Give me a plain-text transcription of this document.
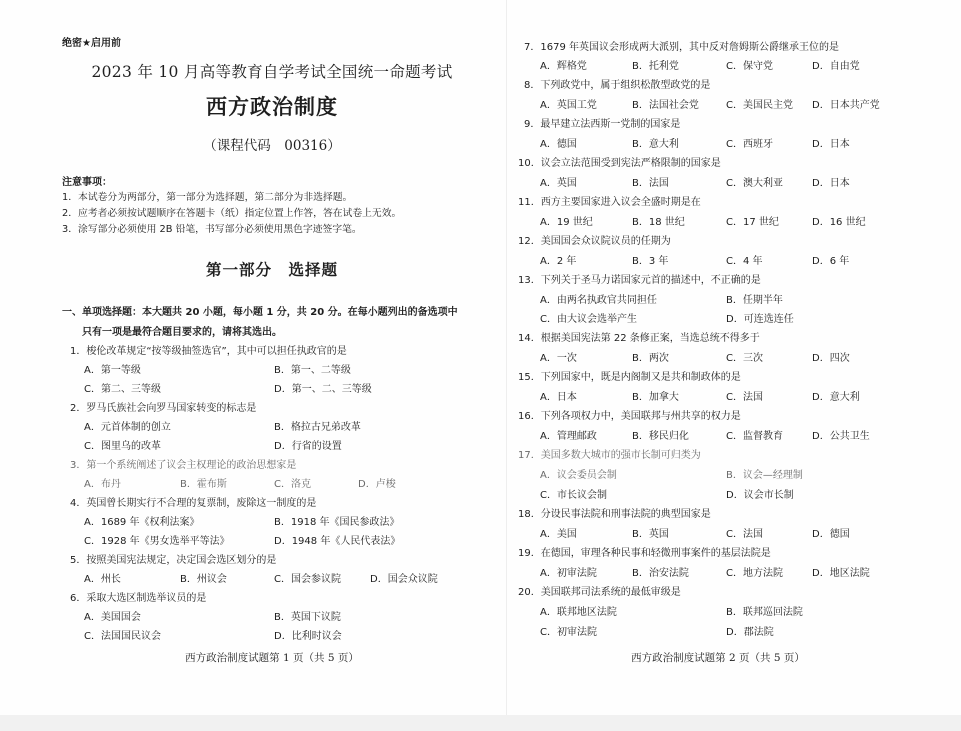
绝密★启用前
2023 年 10 月高等教育自学考试全国统一命题考试
西方政治制度
（课程代码　00316）
注意事项：
1．本试卷分为两部分，第一部分为选择题，第二部分为非选择题。
2．应考者必须按试题顺序在答题卡（纸）指定位置上作答，答在试卷上无效。
3．涂写部分必须使用 2B 铅笔，书写部分必须使用黑色字迹签字笔。
第一部分　选择题
一、单项选择题：本大题共 20 小题，每小题 1 分，共 20 分。在每小题列出的备选项中
只有一项是最符合题目要求的，请将其选出。
1．梭伦改革规定“按等级抽签选官”，其中可以担任执政官的是
A．第一等级	B．第一、二等级
C．第二、三等级	D．第一、二、三等级
2．罗马氏族社会向罗马国家转变的标志是
A．元首体制的创立	B．格拉古兄弟改革
C．图里乌的改革	D．行省的设置
3．第一个系统阐述了议会主权理论的政治思想家是
A．布丹	B．霍布斯	C．洛克	D．卢梭
4．英国曾长期实行不合理的复票制，废除这一制度的是
A．1689 年《权利法案》	B．1918 年《国民参政法》
C．1928 年《男女选举平等法》	D．1948 年《人民代表法》
5．按照美国宪法规定，决定国会选区划分的是
A．州长	B．州议会	C．国会参议院	D．国会众议院
6．采取大选区制选举议员的是
A．美国国会	B．英国下议院
C．法国国民议会	D．比利时议会
西方政治制度试题第 1 页（共 5 页）
7．1679 年英国议会形成两大派别，其中反对詹姆斯公爵继承王位的是
A．辉格党	B．托利党	C．保守党	D．自由党
8．下列政党中，属于组织松散型政党的是
A．英国工党	B．法国社会党	C．美国民主党 D．日本共产党
9．最早建立法西斯一党制的国家是
A．德国	B．意大利	C．西班牙	D．日本
10．议会立法范围受到宪法严格限制的国家是
A．英国	B．法国	C．澳大利亚	D．日本
11．西方主要国家进入议会全盛时期是在
A．19 世纪	B．18 世纪	C．17 世纪	D．16 世纪
12．美国国会众议院议员的任期为
A．2 年	B．3 年	C．4 年	D．6 年
13．下列关于圣马力诺国家元首的描述中，不正确的是
A．由两名执政官共同担任	B．任期半年
C．由大议会选举产生	D．可连选连任
14．根据美国宪法第 22 条修正案，当选总统不得多于
A．一次	B．两次	C．三次	D．四次
15．下列国家中，既是内阁制又是共和制政体的是
A．日本	B．加拿大	C．法国	D．意大利
16．下列各项权力中，美国联邦与州共享的权力是
A．管理邮政	B．移民归化	C．监督教育	D．公共卫生
17．美国多数大城市的强市长制可归类为
A．议会委员会制	B．议会—经理制
C．市长议会制	D．议会市长制
18．分设民事法院和刑事法院的典型国家是
A．美国	B．英国	C．法国	D．德国
19．在德国，审理各种民事和轻微刑事案件的基层法院是
A．初审法院	B．治安法院	C．地方法院	D．地区法院
20．美国联邦司法系统的最低审级是
A．联邦地区法院	B．联邦巡回法院
C．初审法院	D．郡法院
西方政治制度试题第 2 页（共 5 页）
